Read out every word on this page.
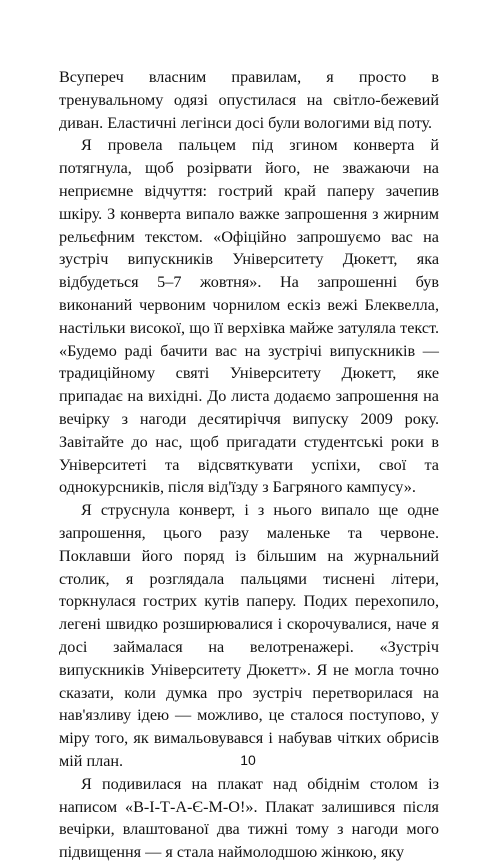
Всупереч власним правилам, я просто в тренувальному одязі опустилася на світло-бежевий диван. Еластичні легінси досі були вологими від поту.

Я провела пальцем під згином конверта й потягнула, щоб розірвати його, не зважаючи на неприємне відчуття: гострий край паперу зачепив шкіру. З конверта випало важке запрошення з жирним рельєфним текстом. «Офіційно запрошуємо вас на зустріч випускників Університету Дюкетт, яка відбудеться 5–7 жовтня». На запрошенні був виконаний червоним чорнилом ескіз вежі Блеквелла, настільки високої, що її верхівка майже затуляла текст. «Будемо раді бачити вас на зустрічі випускників — традиційному святі Університету Дюкетт, яке припадає на вихідні. До листа додаємо запрошення на вечірку з нагоди десятиріччя випуску 2009 року. Завітайте до нас, щоб пригадати студентські роки в Університеті та відсвяткувати успіхи, свої та однокурсників, після від'їзду з Багряного кампусу».

Я струснула конверт, і з нього випало ще одне запрошення, цього разу маленьке та червоне. Поклавши його поряд із більшим на журнальний столик, я розглядала пальцями тиснені літери, торкнулася гострих кутів паперу. Подих перехопило, легені швидко розширювалися і скорочувалися, наче я досі займалася на велотренажері. «Зустріч випускників Університету Дюкетт». Я не могла точно сказати, коли думка про зустріч перетворилася на нав'язливу ідею — можливо, це сталося поступово, у міру того, як вимальовувався і набував чітких обрисів мій план.

Я подивилася на плакат над обіднім столом із написом «В-І-Т-А-Є-М-О!». Плакат залишився після вечірки, влаштованої два тижні тому з нагоди мого підвищення — я стала наймолодшою жінкою, яку

10
